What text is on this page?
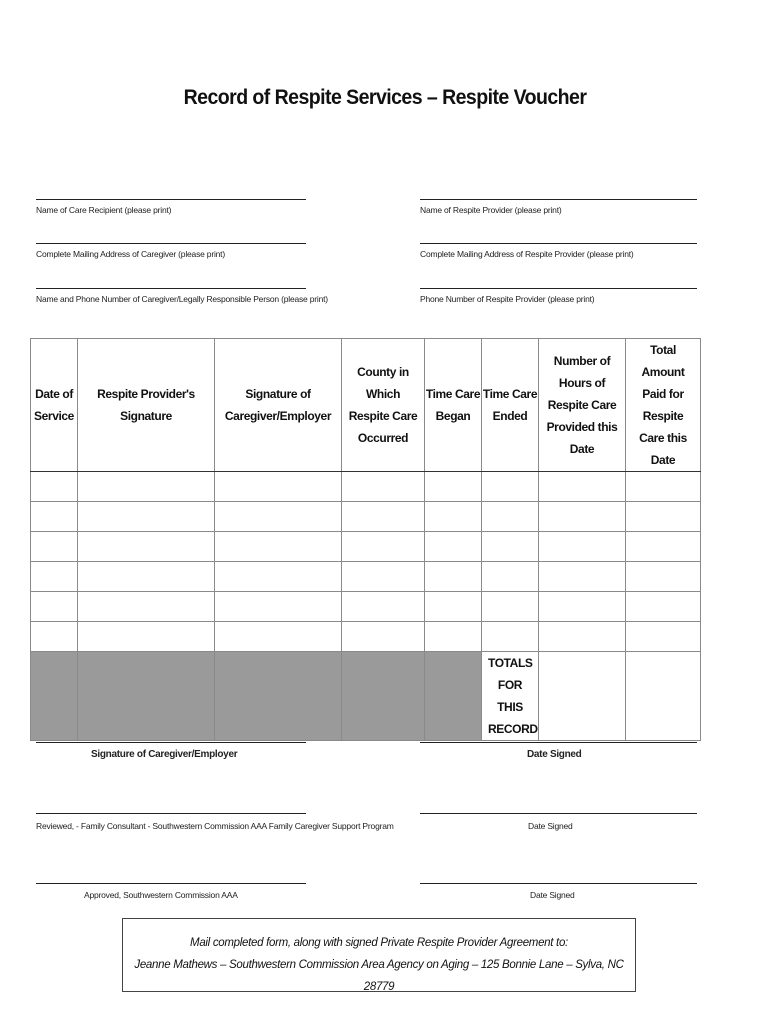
Record of Respite Services – Respite Voucher
Name of Care Recipient (please print)	Name of Respite Provider (please print)
Complete Mailing Address of Caregiver (please print)	Complete Mailing Address of Respite Provider (please print)
Name and Phone Number of Caregiver/Legally Responsible Person (please print)	Phone Number of Respite Provider (please print)
Date of Service	Respite Provider's Signature	Signature of Caregiver/Employer	County in Which Respite Care Occurred	Time Care Began	Time Care Ended	Number of Hours of Respite Care Provided this Date	Total Amount Paid for Respite Care this Date

					TOTALS FOR THIS RECORD		
Signature of Caregiver/Employer	Date Signed
Reviewed, - Family Consultant - Southwestern Commission AAA Family Caregiver Support Program	Date Signed
Approved, Southwestern Commission AAA	Date Signed
Mail completed form, along with signed Private Respite Provider Agreement to:
Jeanne Mathews – Southwestern Commission Area Agency on Aging – 125 Bonnie Lane – Sylva, NC 28779
